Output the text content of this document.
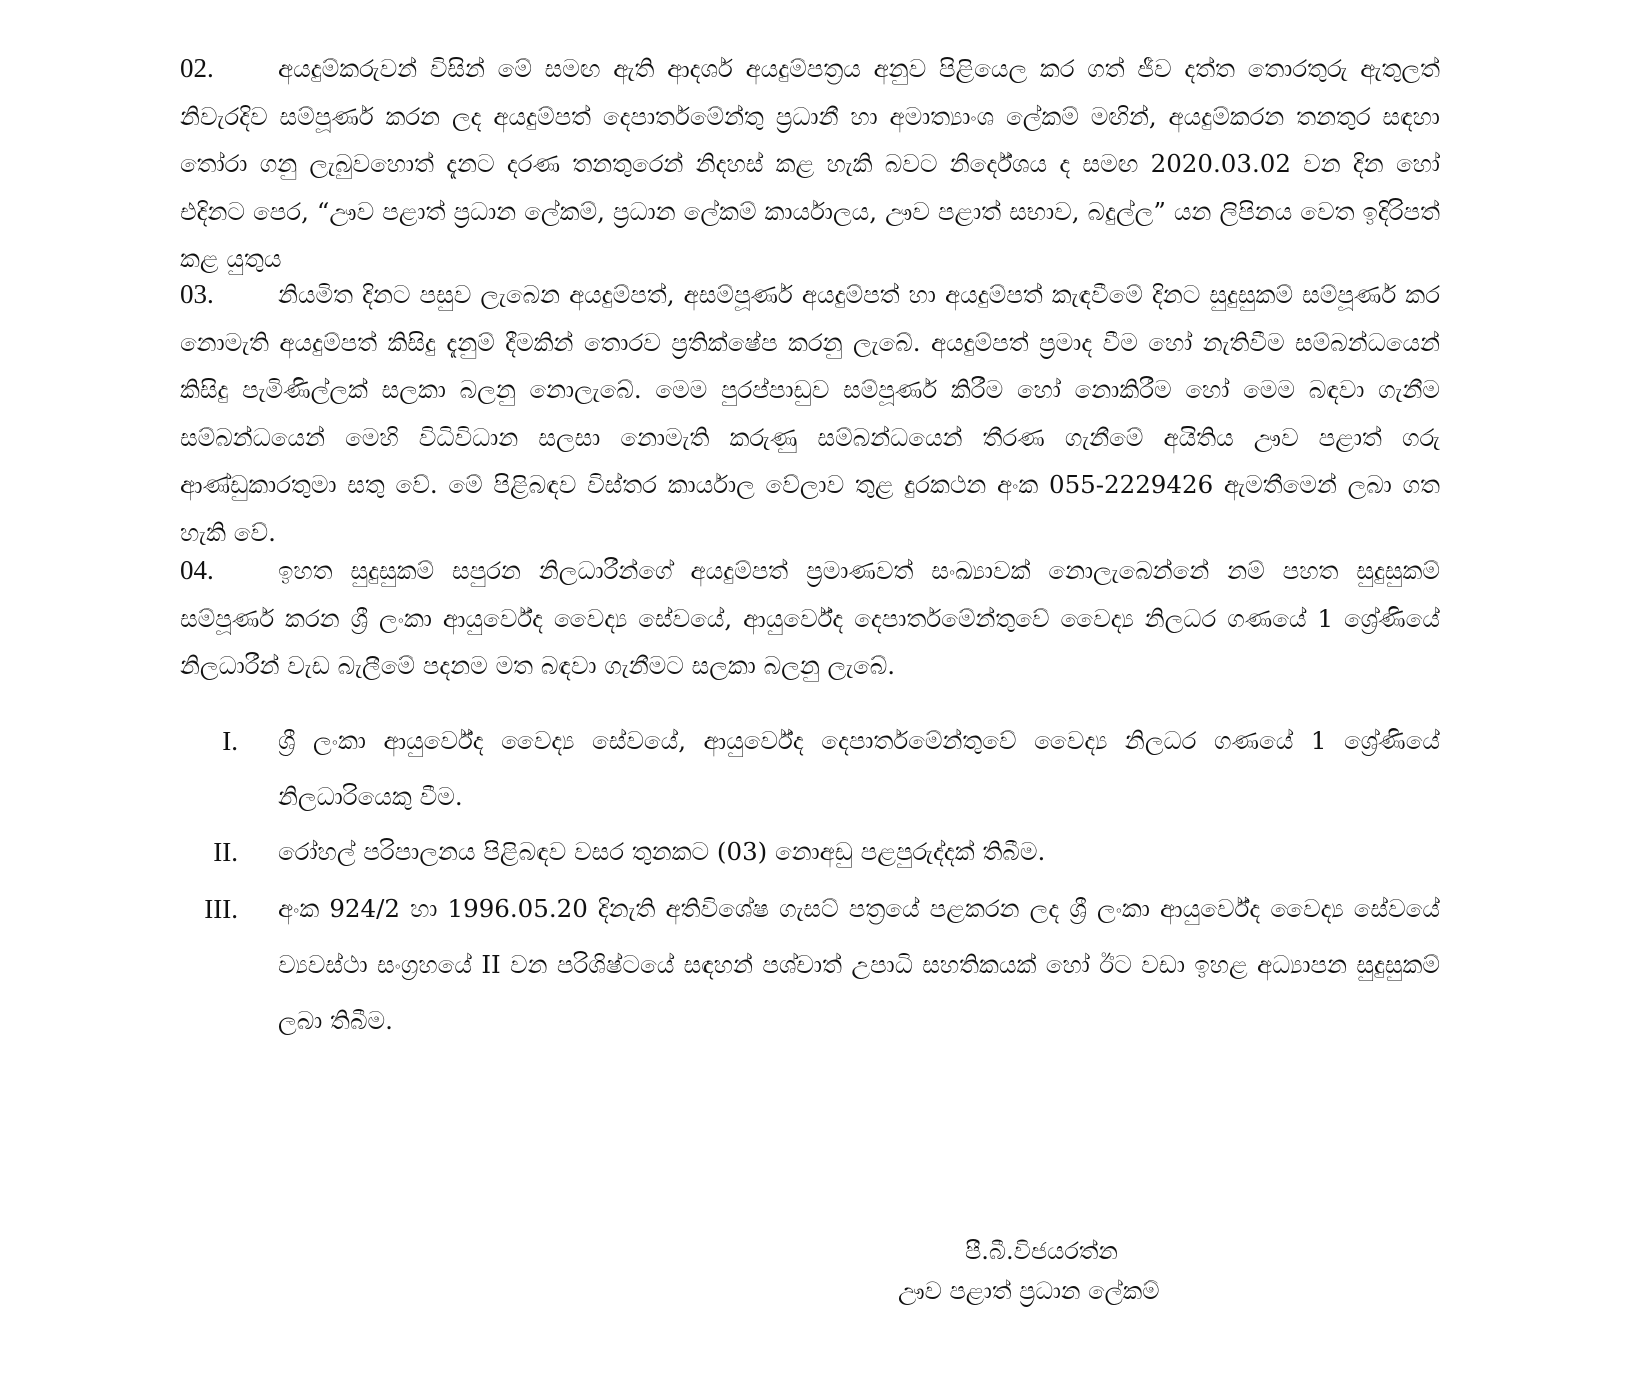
02.	අයදුම්කරුවන් විසින් මේ සමඟ ඇති ආදර්ශ අයදුම්පත්‍රය අනුව පිළියෙල කර ගත් ජීව දත්ත තොරතුරු ඇතුලත් නිවැරදිව සම්පූර්ණ කරන ලද අයදුම්පත් දෙපාර්තමේන්තු ප්‍රධානී හා අමාත්‍යාංශ ලේකම් මඟින්, අයදුම්කරන තනතුර සඳහා තෝරා ගනු ලැබුවහොත් දැනට දරණ තනතුරෙන් නිදහස් කළ හැකි බවට නිර්දේශය ද සමඟ 2020.03.02 වන දින හෝ එදිනට පෙර, “ඌව පළාත් ප්‍රධාන ලේකම්, ප්‍රධාන ලේකම් කාර්යාලය, ඌව පළාත් සභාව, බදුල්ල” යන ලිපිනය වෙත ඉදිරිපත් කළ යුතුය
03.	නියමිත දිනට පසුව ලැබෙන අයදුම්පත්, අසම්පූර්ණ අයදුම්පත් හා අයදුම්පත් කැඳවීමේ දිනට සුදුසුකම් සම්පූර්ණ කර නොමැති අයදුම්පත් කිසිදු දැනුම් දීමකින් තොරව ප්‍රතික්ෂේප කරනු ලැබේ. අයදුම්පත් ප්‍රමාද වීම හෝ නැතිවීම සම්බන්ධයෙන් කිසිදු පැමිණිල්ලක් සලකා බලනු නොලැබේ. මෙම පුරප්පාඩුව සම්පූර්ණ කිරීම හෝ නොකිරීම හෝ මෙම බඳවා ගැනීම සම්බන්ධයෙන් මෙහි විධිවිධාන සලසා නොමැති කරුණු සම්බන්ධයෙන් තීරණ ගැනීමේ අයිතිය ඌව පළාත් ගරු ආණ්ඩුකාරතුමා සතු වේ. මේ පිළිබඳව විස්තර කාර්යාල වේලාව තුළ දුරකථන අංක 055-2229426 ඇමතීමෙන් ලබා ගත හැකි වේ.
04.	ඉහත සුදුසුකම් සපුරන නිලධාරීන්ගේ අයදුම්පත් ප්‍රමාණවත් සංඛ්‍යාවක් නොලැබෙන්නේ නම් පහත සුදුසුකම් සම්පූර්ණ කරන ශ්‍රී ලංකා ආයුර්වේද වෛද්‍ය සේවයේ, ආයුර්වේද දෙපාර්තමේන්තුවේ වෛද්‍ය නිලධර ගණයේ 1 ශ්‍රේණියේ නිලධාරීන් වැඩ බැලීමේ පදනම මත බඳවා ගැනීමට සලකා බලනු ලැබේ.
I. ශ්‍රී ලංකා ආයුර්වේද වෛද්‍ය සේවයේ, ආයුර්වේද දෙපාර්තමේන්තුවේ වෛද්‍ය නිලධර ගණයේ 1 ශ්‍රේණියේ නිලධාරියෙකු වීම.
II. රෝහල් පරිපාලනය පිළිබඳව වසර තුනකට (03) නොඅඩු පළපුරුද්දක් තිබීම.
III. අංක 924/2 හා 1996.05.20 දිනැති අතිවිශේෂ ගැසට් පත්‍රයේ පළකරන ලද ශ්‍රී ලංකා ආයුර්වේද වෛද්‍ය සේවයේ ව්‍යවස්ථා සංග්‍රහයේ II වන පරිශිෂ්ටයේ සඳහන් පශ්චාත් උපාධි සහතිකයක් හෝ ඊට වඩා ඉහළ අධ්‍යාපන සුදුසුකම් ලබා තිබීම.
පී.බී.විජයරත්න
ඌව පළාත් ප්‍රධාන ලේකම්
